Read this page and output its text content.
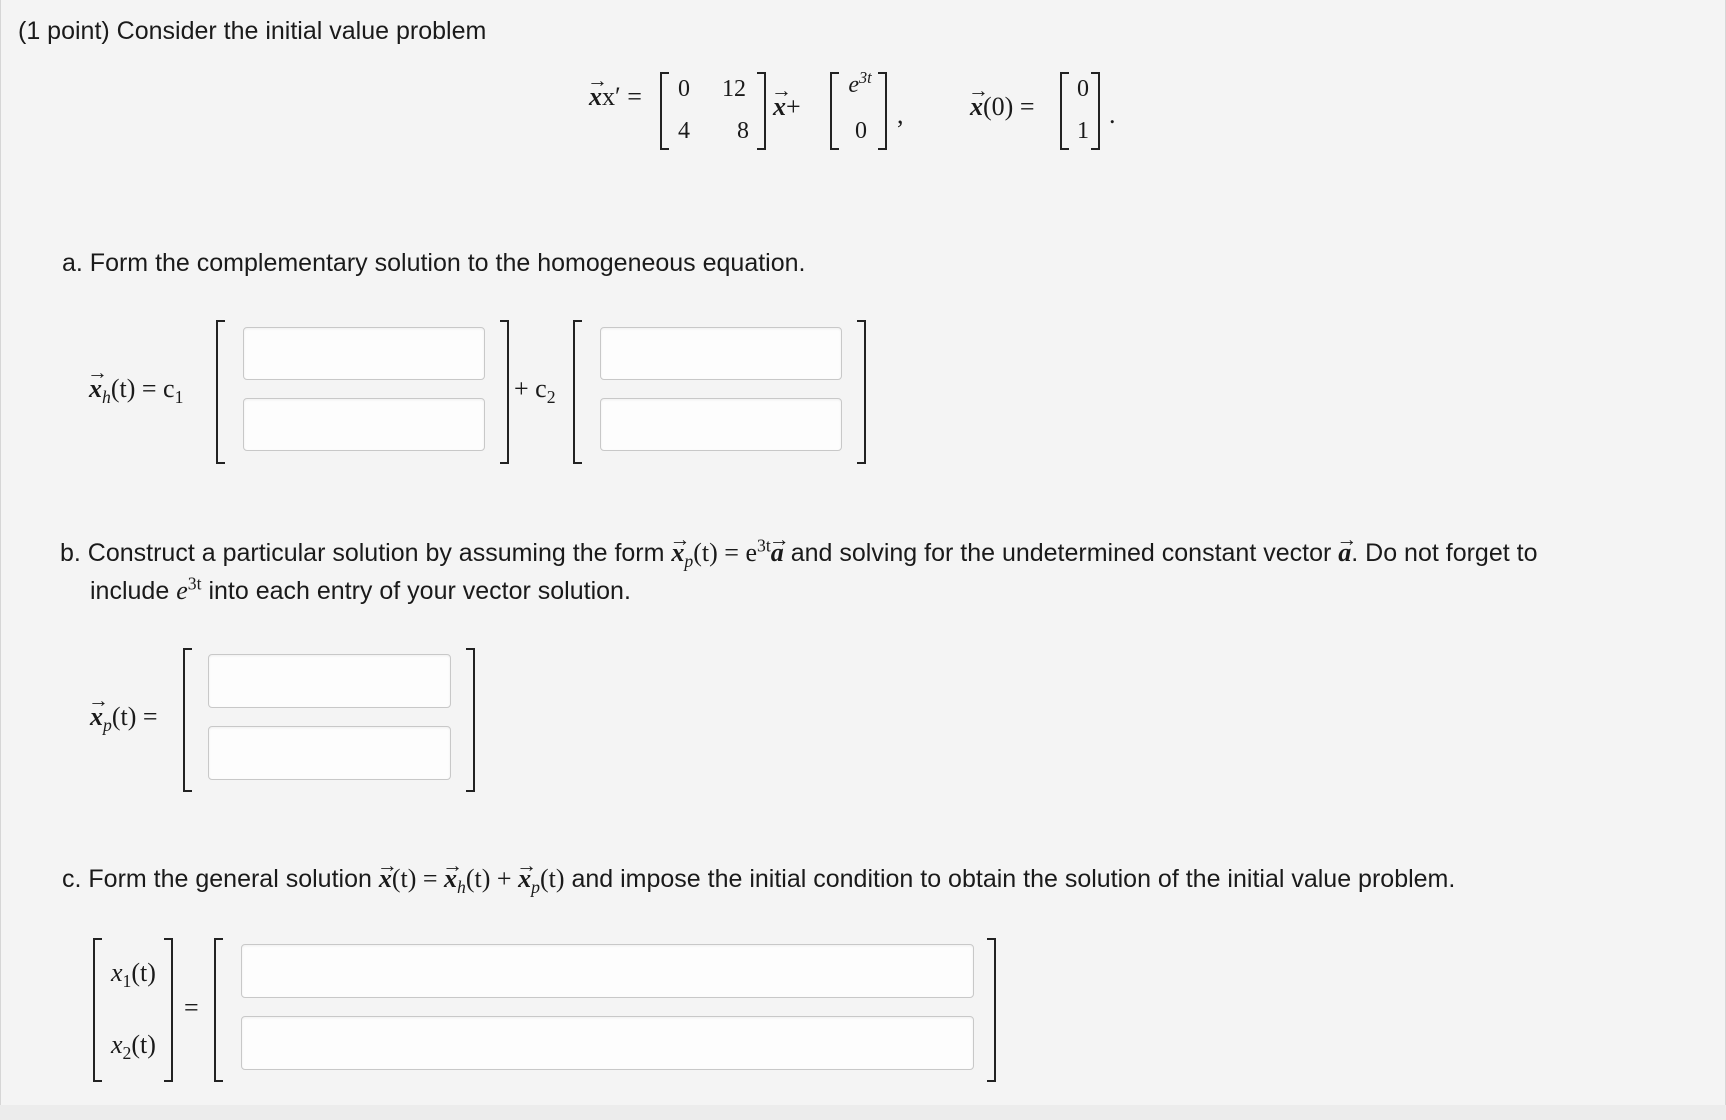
(1 point) Consider the initial value problem
→ xx′ = 0 12
4	8
→ x+
$e^{3t}$
0
,	→ x(0) =
0
1
.
a. Form the complementary solution to the homogeneous equation.
→ $x_h(t) = c_1$	+ $c_2$
b. Construct a particular solution by assuming the form → $x_p(t) = e^{3t}\to a$ and solving for the undetermined constant vector → a. Do not forget to
include $e^{3t}$ into each entry of your vector solution.
→ $x_p(t)$ =
c. Form the general solution → x(t) = → $x_h(t)$ + → $x_p(t)$ and impose the initial condition to obtain the solution of the initial value problem.
$x_1(t)$
$x_2(t)$
=
